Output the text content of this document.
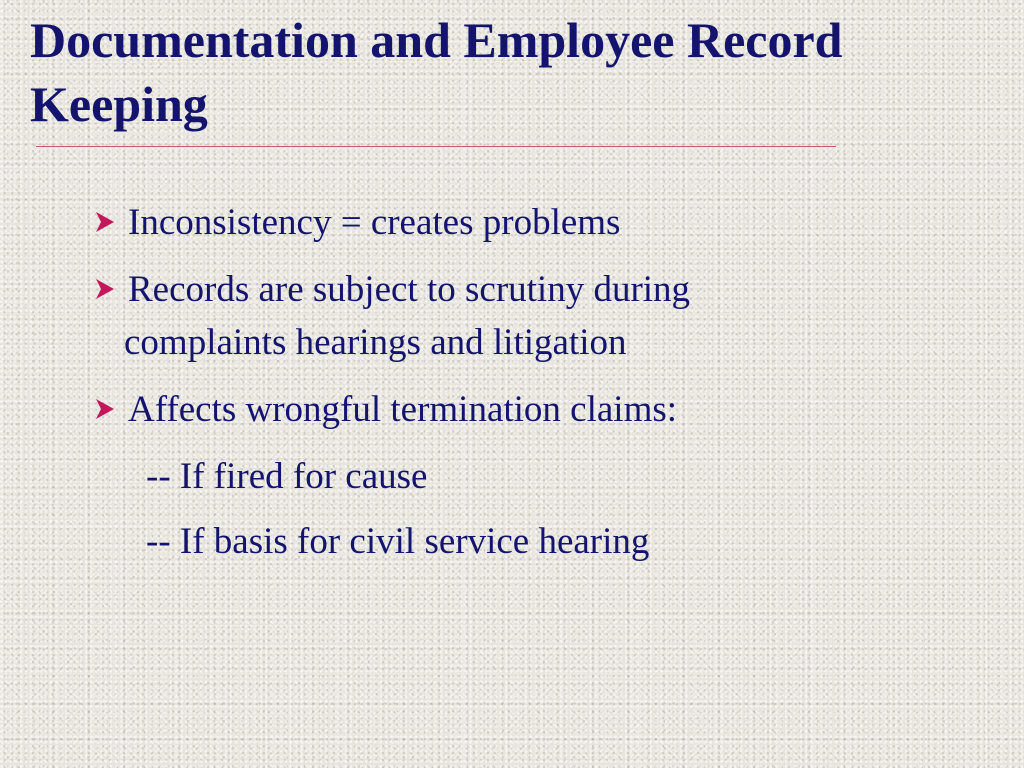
Documentation and Employee Record Keeping
Inconsistency = creates problems
Records are subject to scrutiny during
complaints hearings and litigation
Affects wrongful termination claims:
-- If fired for cause
-- If basis for civil service hearing
